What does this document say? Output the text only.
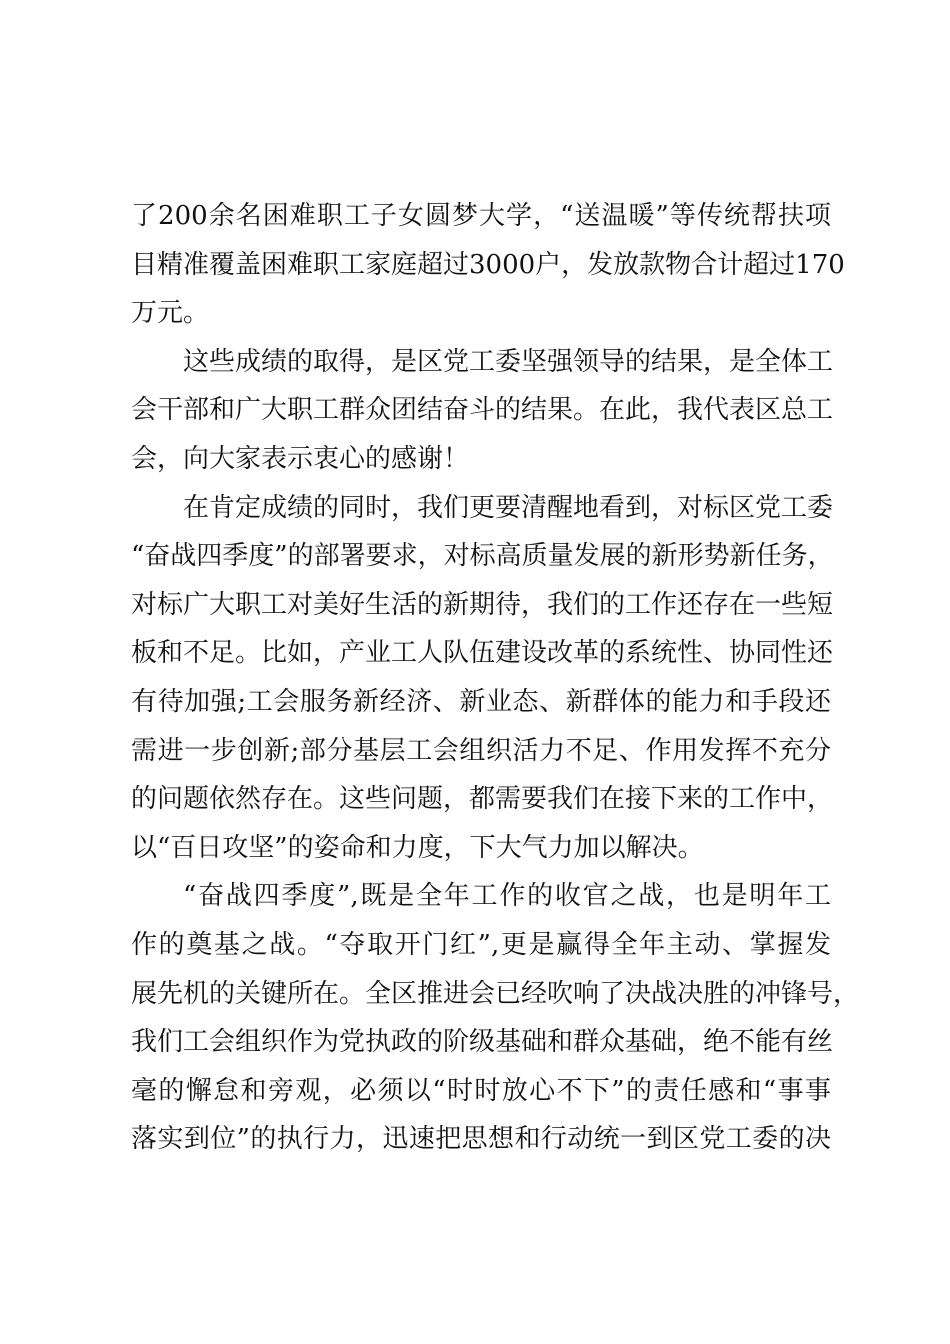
了200余名困难职工子女圆梦大学，“送温暖”等传统帮扶项
目精准覆盖困难职工家庭超过3000户，发放款物合计超过170
万元。
这些成绩的取得，是区党工委坚强领导的结果，是全体工
会干部和广大职工群众团结奋斗的结果。在此，我代表区总工
会，向大家表示衷心的感谢！
在肯定成绩的同时，我们更要清醒地看到，对标区党工委
“奋战四季度”的部署要求，对标高质量发展的新形势新任务，
对标广大职工对美好生活的新期待，我们的工作还存在一些短
板和不足。比如，产业工人队伍建设改革的系统性、协同性还
有待加强;工会服务新经济、新业态、新群体的能力和手段还
需进一步创新;部分基层工会组织活力不足、作用发挥不充分
的问题依然存在。这些问题，都需要我们在接下来的工作中，
以“百日攻坚”的姿命和力度，下大气力加以解决。
“奋战四季度”,既是全年工作的收官之战，也是明年工
作的奠基之战。“夺取开门红”,更是赢得全年主动、掌握发
展先机的关键所在。全区推进会已经吹响了决战决胜的冲锋号，
我们工会组织作为党执政的阶级基础和群众基础，绝不能有丝
毫的懈怠和旁观，必须以“时时放心不下”的责任感和“事事
落实到位”的执行力，迅速把思想和行动统一到区党工委的决
